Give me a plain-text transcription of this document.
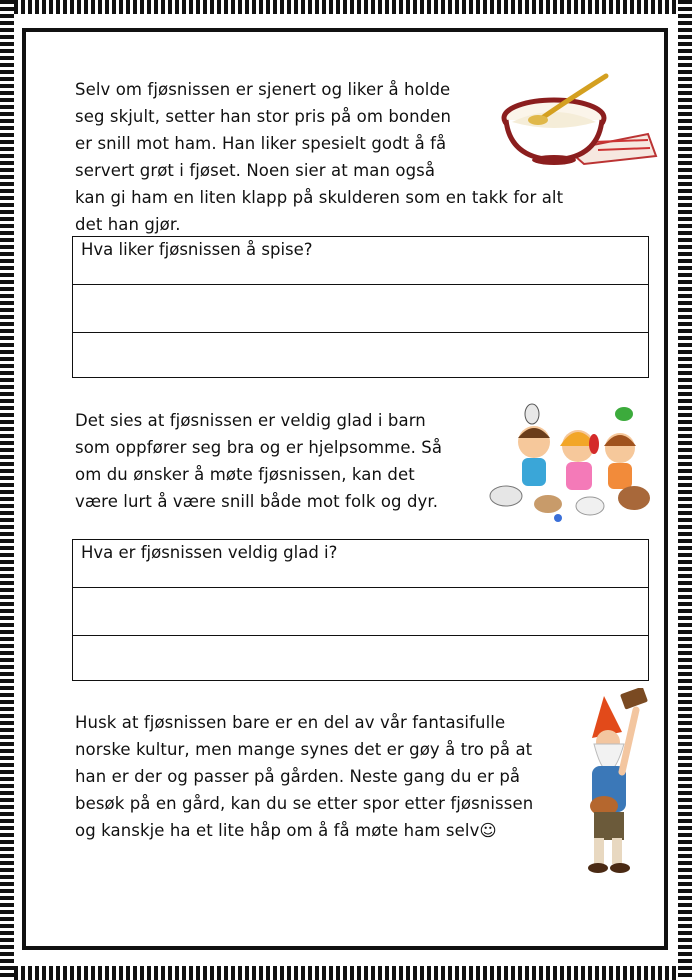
Selv om fjøsnissen er sjenert og liker å holde
seg skjult, setter han stor pris på om bonden
er snill mot ham. Han liker spesielt godt å få
servert grøt i fjøset. Noen sier at man også
kan gi ham en liten klapp på skulderen som en takk for alt
det han gjør.
Hva liker fjøsnissen å spise?
Det sies at fjøsnissen er veldig glad i barn
som oppfører seg bra og er hjelpsomme. Så
om du ønsker å møte fjøsnissen, kan det
være lurt å være snill både mot folk og dyr.
Hva er fjøsnissen veldig glad i?
Husk at fjøsnissen bare er en del av vår fantasifulle
norske kultur, men mange synes det er gøy å tro på at
han er der og passer på gården. Neste gang du er på
besøk på en gård, kan du se etter spor etter fjøsnissen
og kanskje ha et lite håp om å få møte ham selv☺
